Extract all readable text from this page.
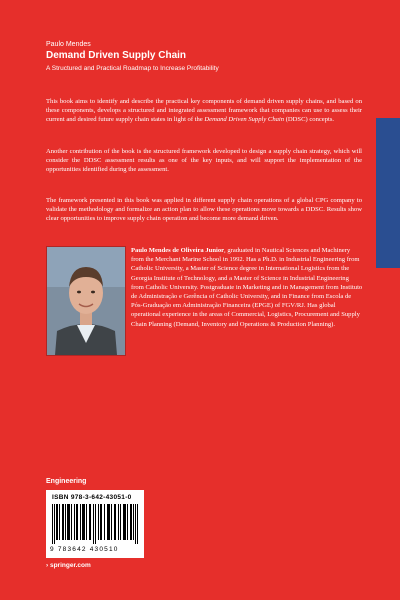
Paulo Mendes
Demand Driven Supply Chain
A Structured and Practical Roadmap to Increase Profitability
This book aims to identify and describe the practical key components of demand driven supply chains, and based on these components, develops a structured and integrated assessment framework that companies can use to assess their current and desired future supply chain states in light of the Demand Driven Supply Chain (DDSC) concepts.
Another contribution of the book is the structured framework developed to design a supply chain strategy, which will consider the DDSC assessment results as one of the key inputs, and will support the implementation of the opportunities identified during the assessment.
The framework presented in this book was applied in different supply chain operations of a global CPG company to validate the methodology and formalize an action plan to allow these operations move towards a DDSC. Results show clear opportunities to improve supply chain operation and become more demand driven.
Paulo Mendes de Oliveira Junior, graduated in Nautical Sciences and Machinery from the Merchant Marine School in 1992. Has a Ph.D. in Industrial Engineering from Catholic University, a Master of Science degree in International Logistics from the Georgia Institute of Technology, and a Master of Science in Industrial Engineering from Catholic University. Postgraduate in Marketing and in Management from Instituto de Administração e Gerência of Catholic University, and in Finance from Escola de Pós-Graduação em Administração Financeira (EPGE) of FGV/RJ. Has global operational experience in the areas of Commercial, Logistics, Procurement and Supply Chain Planning (Demand, Inventory and Operations & Production Planning).
Engineering
ISBN 978-3-642-43051-0
9 783642 430510
› springer.com
